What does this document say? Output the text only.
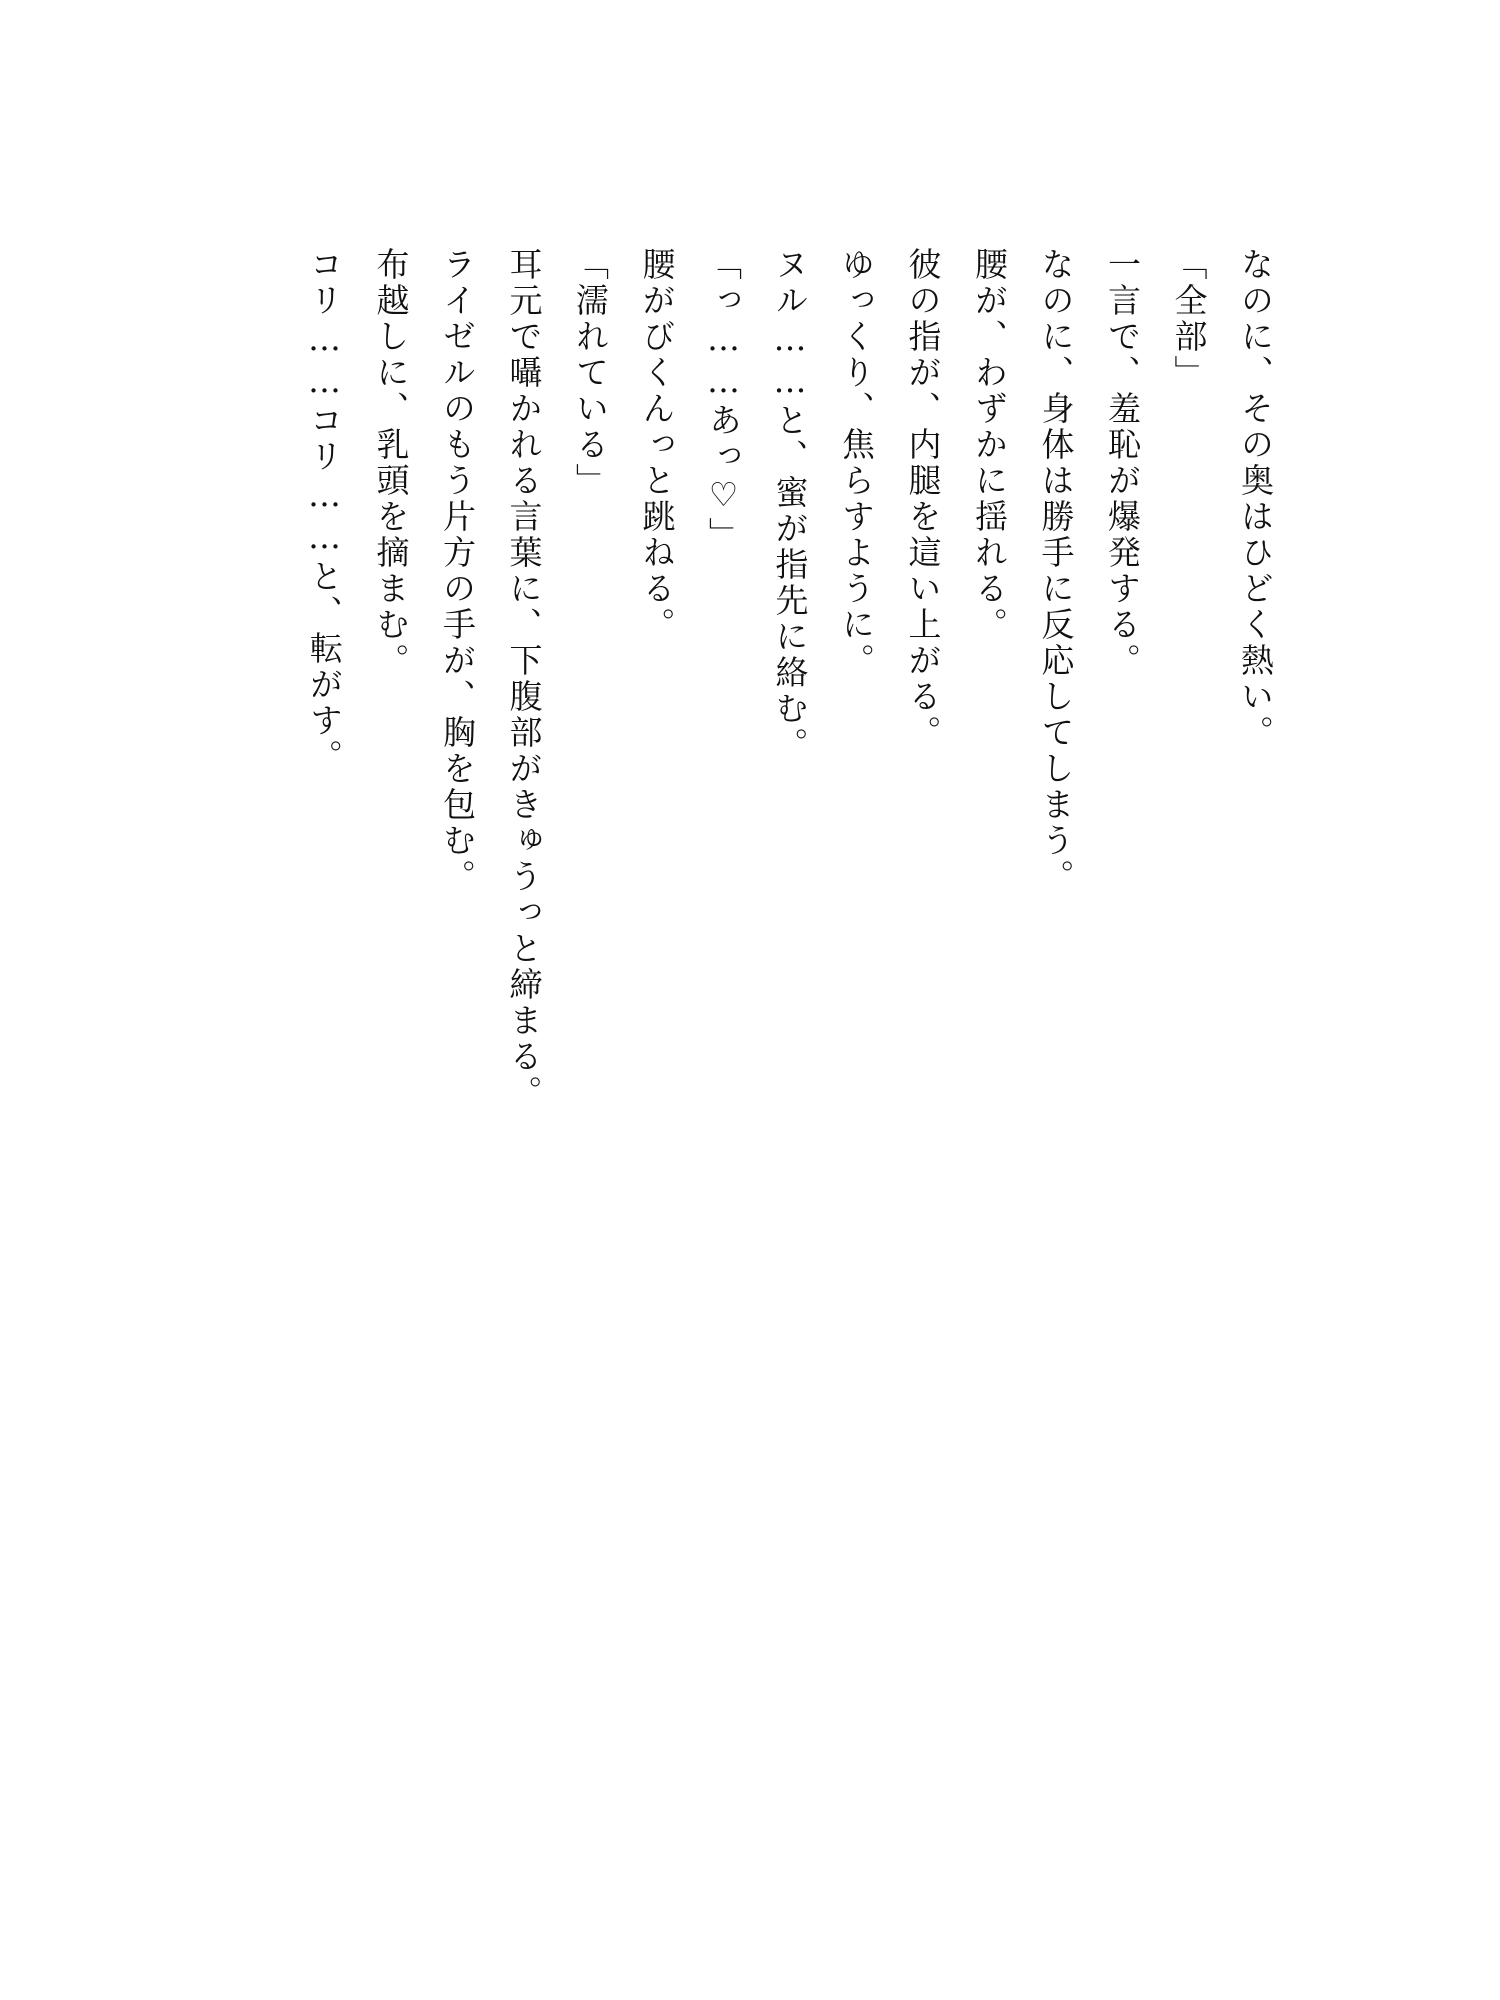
なのに、その奥はひどく熱い。
「全部」
一言で、羞恥が爆発する。
なのに、身体は勝手に反応してしまう。
腰が、わずかに揺れる。
彼の指が、内腿を這い上がる。
ゆっくり、焦らすように。
ヌル……と、蜜が指先に絡む。
「っ……あっ♡」
腰がびくんっと跳ねる。
「濡れている」
耳元で囁かれる言葉に、下腹部がきゅうっと締まる。
ライゼルのもう片方の手が、胸を包む。
布越しに、乳頭を摘まむ。
コリ……コリ……と、転がす。
